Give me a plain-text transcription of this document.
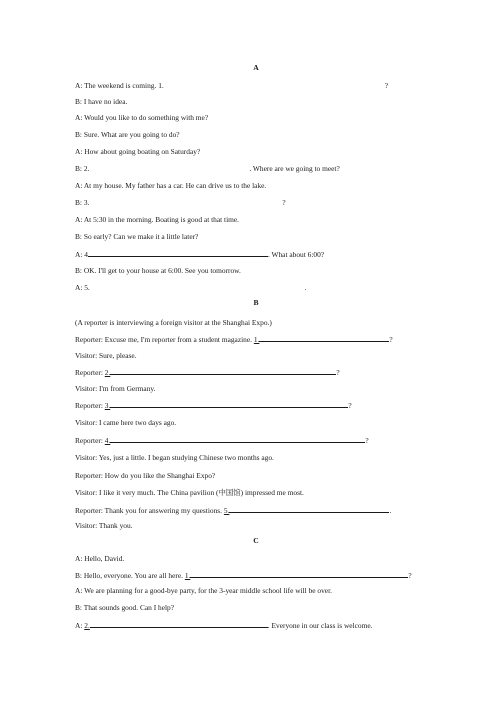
A
A: The weekend is coming. 1.	?
B: I have no idea.
A: Would you like to do something with me?
B: Sure. What are you going to do?
A: How about going boating on Saturday?
B: 2.	. Where are we going to meet?
A: At my house. My father has a car. He can drive us to the lake.
B: 3.	?
A: At 5:30 in the morning. Boating is good at that time.
B: So early? Can we make it a little later?
A: 4	. What about 6:00?
B: OK. I'll get to your house at 6:00. See you tomorrow.
A: 5.	.
B
(A reporter is interviewing a foreign visitor at the Shanghai Expo.)
Reporter: Excuse me, I'm reporter from a student magazine. 1.	?
Visitor: Sure, please.
Reporter: 2.	?
Visitor: I'm from Germany.
Reporter: 3.	?
Visitor: I came here two days ago.
Reporter: 4.	?
Visitor: Yes, just a little. I began studying Chinese two months ago.
Reporter: How do you like the Shanghai Expo?
Visitor: I like it very much. The China pavilion (中国馆) impressed me most.
Reporter: Thank you for answering my questions. 5.	.
Visitor: Thank you.
C
A: Hello, David.
B: Hello, everyone. You are all here. 1.	?
A: We are planning for a good-bye party, for the 3-year middle school life will be over.
B: That sounds good. Can I help?
A: 2.	. Everyone in our class is welcome.
